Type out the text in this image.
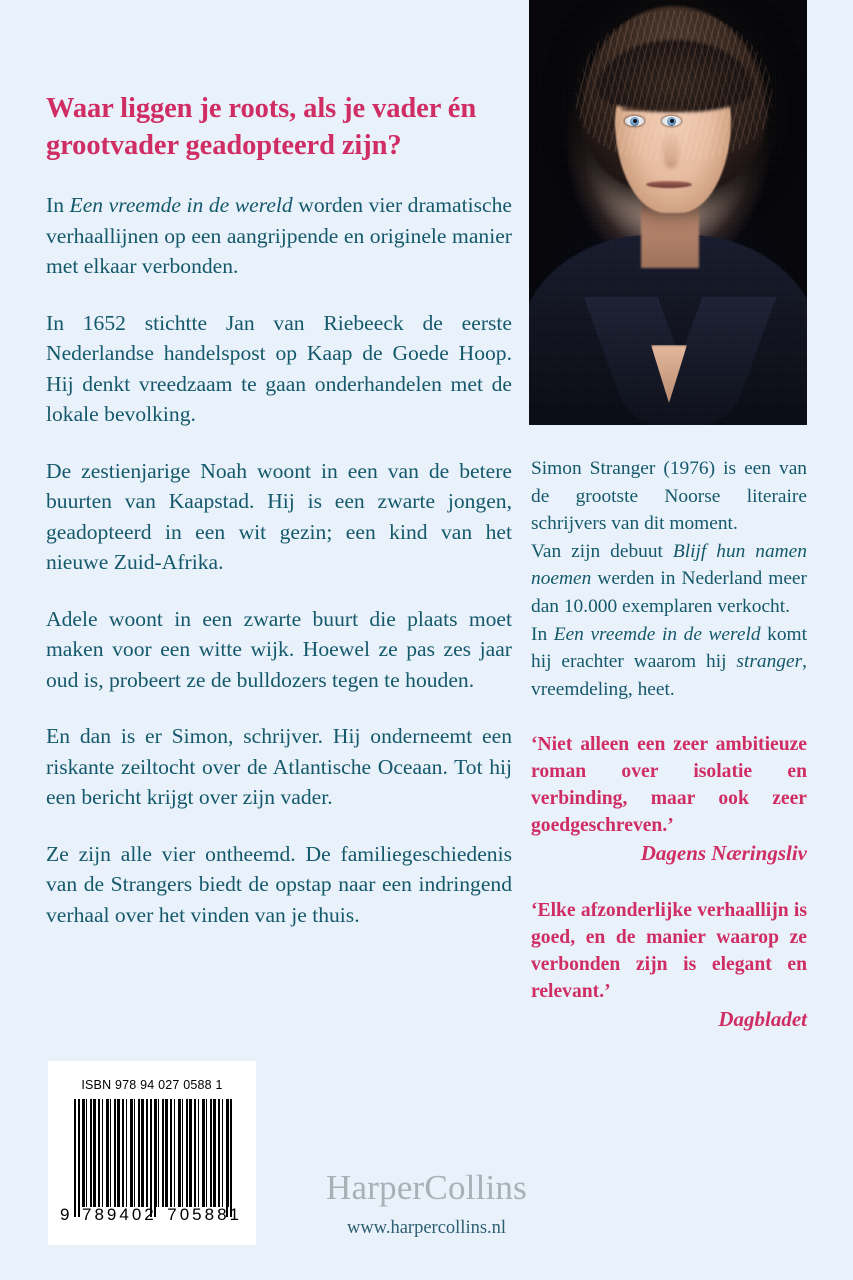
Waar liggen je roots, als je vader én grootvader geadopteerd zijn?

In Een vreemde in de wereld worden vier dramatische verhaallijnen op een aangrijpende en originele manier met elkaar verbonden.

In 1652 stichtte Jan van Riebeeck de eerste Nederlandse handelspost op Kaap de Goede Hoop. Hij denkt vreedzaam te gaan onderhandelen met de lokale bevolking.

De zestienjarige Noah woont in een van de betere buurten van Kaapstad. Hij is een zwarte jongen, geadopteerd in een wit gezin; een kind van het nieuwe Zuid-Afrika.

Adele woont in een zwarte buurt die plaats moet maken voor een witte wijk. Hoewel ze pas zes jaar oud is, probeert ze de bulldozers tegen te houden.

En dan is er Simon, schrijver. Hij onderneemt een riskante zeiltocht over de Atlantische Oceaan. Tot hij een bericht krijgt over zijn vader.

Ze zijn alle vier ontheemd. De familiegeschiedenis van de Strangers biedt de opstap naar een indringend verhaal over het vinden van je thuis.

Simon Stranger (1976) is een van de grootste Noorse literaire schrijvers van dit moment.
Van zijn debuut Blijf hun namen noemen werden in Nederland meer dan 10.000 exemplaren verkocht.
In Een vreemde in de wereld komt hij erachter waarom hij stranger, vreemdeling, heet.

‘Niet alleen een zeer ambitieuze roman over isolatie en verbinding, maar ook zeer goedgeschreven.’

Dagens Næringsliv

‘Elke afzonderlijke verhaallijn is goed, en de manier waarop ze verbonden zijn is elegant en relevant.’

Dagbladet

ISBN 978 94 027 0588 1
9 789402 705881
HarperCollins
www.harpercollins.nl
